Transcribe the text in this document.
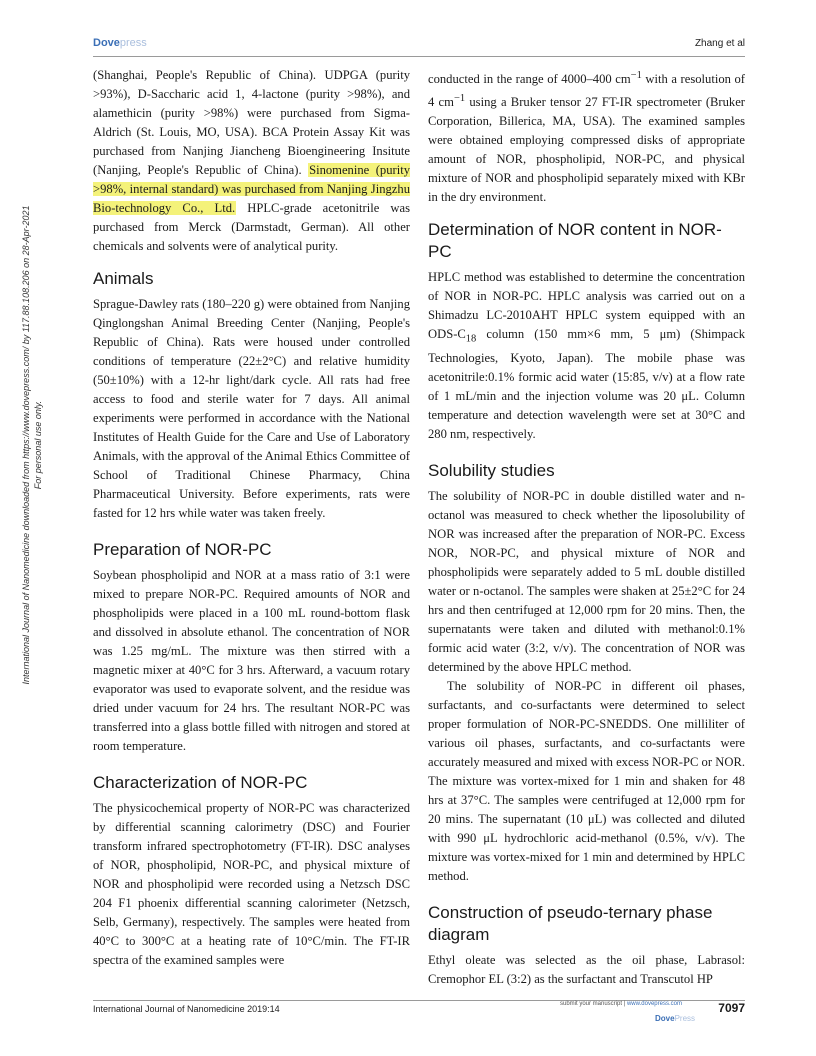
Dovepress	Zhang et al
International Journal of Nanomedicine downloaded from https://www.dovepress.com/ by 117.88.108.206 on 28-Apr-2021 For personal use only.

(Shanghai, People's Republic of China). UDPGA (purity >93%), D-Saccharic acid 1, 4-lactone (purity >98%), and alamethicin (purity >98%) were purchased from Sigma-Aldrich (St. Louis, MO, USA). BCA Protein Assay Kit was purchased from Nanjing Jiancheng Bioengineering Insitute (Nanjing, People's Republic of China). Sinomenine (purity >98%, internal standard) was purchased from Nanjing Jingzhu Bio-technology Co., Ltd. HPLC-grade acetonitrile was purchased from Merck (Darmstadt, German). All other chemicals and solvents were of analytical purity.

Animals

Sprague-Dawley rats (180–220 g) were obtained from Nanjing Qinglongshan Animal Breeding Center (Nanjing, People's Republic of China). Rats were housed under controlled conditions of temperature (22±2°C) and relative humidity (50±10%) with a 12-hr light/dark cycle. All rats had free access to food and sterile water for 7 days. All animal experiments were performed in accordance with the National Institutes of Health Guide for the Care and Use of Laboratory Animals, with the approval of the Animal Ethics Committee of School of Traditional Chinese Pharmacy, China Pharmaceutical University. Before experiments, rats were fasted for 12 hrs while water was taken freely.

Preparation of NOR-PC

Soybean phospholipid and NOR at a mass ratio of 3:1 were mixed to prepare NOR-PC. Required amounts of NOR and phospholipids were placed in a 100 mL round-bottom flask and dissolved in absolute ethanol. The concentration of NOR was 1.25 mg/mL. The mixture was then stirred with a magnetic mixer at 40°C for 3 hrs. Afterward, a vacuum rotary evaporator was used to evaporate solvent, and the residue was dried under vacuum for 24 hrs. The resultant NOR-PC was transferred into a glass bottle filled with nitrogen and stored at room temperature.

Characterization of NOR-PC

The physicochemical property of NOR-PC was characterized by differential scanning calorimetry (DSC) and Fourier transform infrared spectrophotometry (FT-IR). DSC analyses of NOR, phospholipid, NOR-PC, and physical mixture of NOR and phospholipid were recorded using a Netzsch DSC 204 F1 phoenix differential scanning calorimeter (Netzsch, Selb, Germany), respectively. The samples were heated from 40°C to 300°C at a heating rate of 10°C/min. The FT-IR spectra of the examined samples were

conducted in the range of 4000–400 $cm^{-1}$ with a resolution of 4 $cm^{-1}$ using a Bruker tensor 27 FT-IR spectrometer (Bruker Corporation, Billerica, MA, USA). The examined samples were obtained employing compressed disks of appropriate amount of NOR, phospholipid, NOR-PC, and physical mixture of NOR and phospholipid separately mixed with KBr in the dry environment.

Determination of NOR content in NOR-PC

HPLC method was established to determine the concentration of NOR in NOR-PC. HPLC analysis was carried out on a Shimadzu LC-2010AHT HPLC system equipped with an ODS-$C_{18}$ column (150 mm×6 mm, 5 μm) (Shimpack Technologies, Kyoto, Japan). The mobile phase was acetonitrile:0.1% formic acid water (15:85, v/v) at a flow rate of 1 mL/min and the injection volume was 20 μL. Column temperature and detection wavelength were set at 30°C and 280 nm, respectively.

Solubility studies

The solubility of NOR-PC in double distilled water and n-octanol was measured to check whether the liposolubility of NOR was increased after the preparation of NOR-PC. Excess NOR, NOR-PC, and physical mixture of NOR and phospholipids were separately added to 5 mL double distilled water or n-octanol. The samples were shaken at 25±2°C for 24 hrs and then centrifuged at 12,000 rpm for 20 mins. Then, the supernatants were taken and diluted with methanol:0.1% formic acid water (3:2, v/v). The concentration of NOR was determined by the above HPLC method.

The solubility of NOR-PC in different oil phases, surfactants, and co-surfactants were determined to select proper formulation of NOR-PC-SNEDDS. One milliliter of various oil phases, surfactants, and co-surfactants were accurately measured and mixed with excess NOR-PC or NOR. The mixture was vortex-mixed for 1 min and shaken for 48 hrs at 37°C. The samples were centrifuged at 12,000 rpm for 20 mins. The supernatant (10 μL) was collected and diluted with 990 μL hydrochloric acid-methanol (0.5%, v/v). The mixture was vortex-mixed for 1 min and determined by HPLC method.

Construction of pseudo-ternary phase diagram

Ethyl oleate was selected as the oil phase, Labrasol: Cremophor EL (3:2) as the surfactant and Transcutol HP

International Journal of Nanomedicine 2019:14	submit your manuscript | www.dovepress.com	7097
DovePress
